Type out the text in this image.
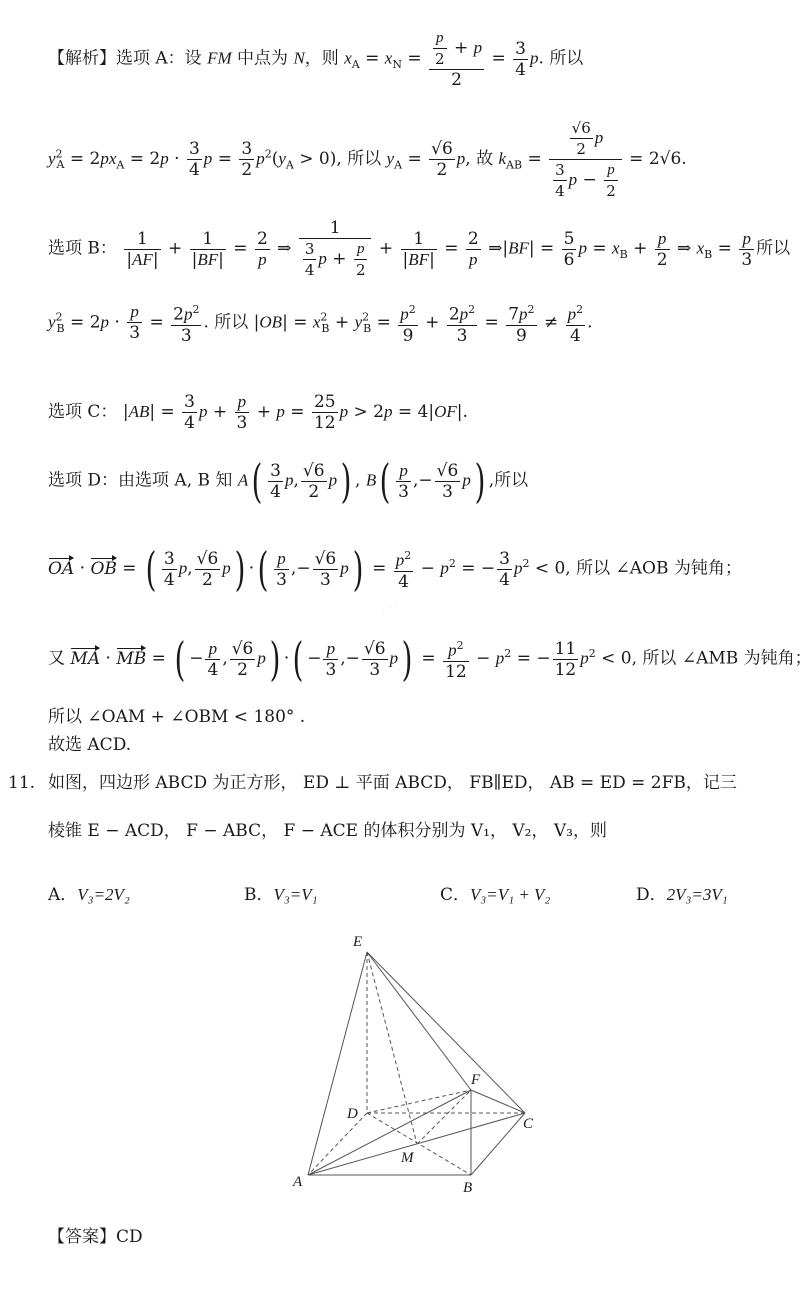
【解析】选项 A：设 FM 中点为 N，则 $x_A = x_N = \frac{\frac{p}{2} + p}{2} = \frac{3}{4} p$. 所以
$y^2_A = 2px_A = 2p \cdot \frac{3}{4}$ $p = \frac{3}{2} p^2(y_A > 0)$, 所以 $y_A = \frac{√6}{2} p$, 故 $k_{AB} = \frac{\frac{√6}{2} p}{\frac{3}{4} p - \frac{p}{2}} = 2√6$.
选项 B： $\frac{1}{|AF|} + \frac{1}{|BF|} = \frac{2}{p}$ ⇒ $\frac{1}{\frac{3}{4} p + \frac{p}{2}} + \frac{1}{|BF|} = \frac{2}{p}$ ⇒|BF| = $\frac{5}{6}$ $p = x_B + \frac{p}{2}$ ⇒ $x_B = \frac{p}{3}$ 所以
$y^2_B = 2p \cdot \frac{p}{3} = \frac{2p^2}{3}$ . 所以 $|OB| = x^2_B + y^2_B = \frac{p^2}{9} + \frac{2p^2}{3} = \frac{7p^2}{9} \ne \frac{p^2}{4}$ .
选项 C： $|AB| = \frac{3}{4}$ $p + \frac{p}{3} + p = \frac{25}{12}$ p > 2p = 4|OF|.
选项 D：由选项 A, B 知 $A( \frac{3}{4} p$, $\frac{√6}{2} p$) , $B( \frac{p}{3}$ ,− $\frac{√6}{3} p$) ,所以
OA · OB = ( $\frac{3}{4} p$, $\frac{√6}{2} p$) ·( $\frac{p}{3}$ ,− $\frac{√6}{3} p) = \frac{p^2}{4} - p^2$ = − $\frac{3}{4} p^2 < 0$, 所以 ∠AOB 为钝角；
· · ·
又 MA · MB = ( − $\frac{p}{4}$ , $\frac{√6}{2} p$) ·( − $\frac{p}{3}$ ,− $\frac{√6}{3} p) = \frac{p^2}{12} - p^2$ = − $\frac{11}{12} p^2 < 0$, 所以 ∠AMB 为钝角；
所以 ∠OAM + ∠OBM < 180° .
故选 ACD.
11. 如图，四边形 ABCD 为正方形， ED ⊥ 平面 ABCD， FB∥ED， AB = ED = 2FB，记三
棱锥 E − ACD， F − ABC， F − ACE 的体积分别为 V₁， V₂， V₃，则
A．V₃=2V₂	B．V₃=V₁	C．V₃=V₁ + V₂	D．2V₃=3V₁
E
F
D
C
M
A	B
【答案】CD
